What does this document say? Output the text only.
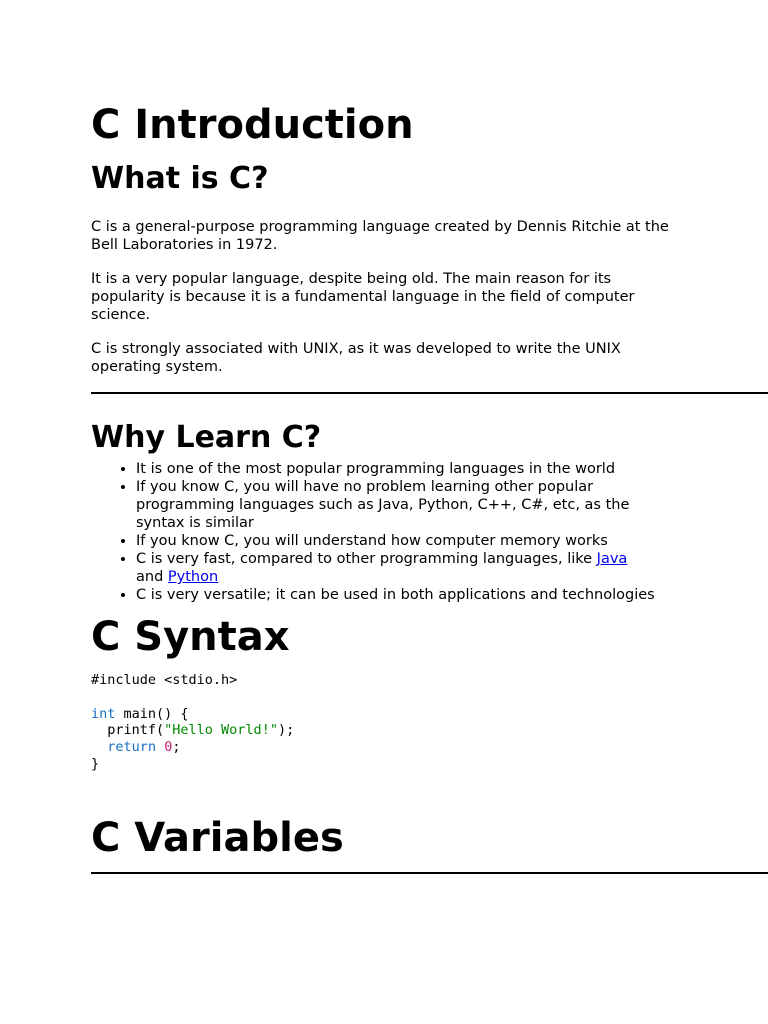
C Introduction
What is C?

C is a general-purpose programming language created by Dennis Ritchie at the Bell Laboratories in 1972.

It is a very popular language, despite being old. The main reason for its popularity is because it is a fundamental language in the field of computer science.

C is strongly associated with UNIX, as it was developed to write the UNIX operating system.

Why Learn C?
• It is one of the most popular programming languages in the world
• If you know C, you will have no problem learning other popular programming languages such as Java, Python, C++, C#, etc, as the syntax is similar
• If you know C, you will understand how computer memory works
• C is very fast, compared to other programming languages, like Java and Python
• C is very versatile; it can be used in both applications and technologies
C Syntax
#include <stdio.h>

int main() {
printf("Hello World!");
return 0;
}
C Variables
